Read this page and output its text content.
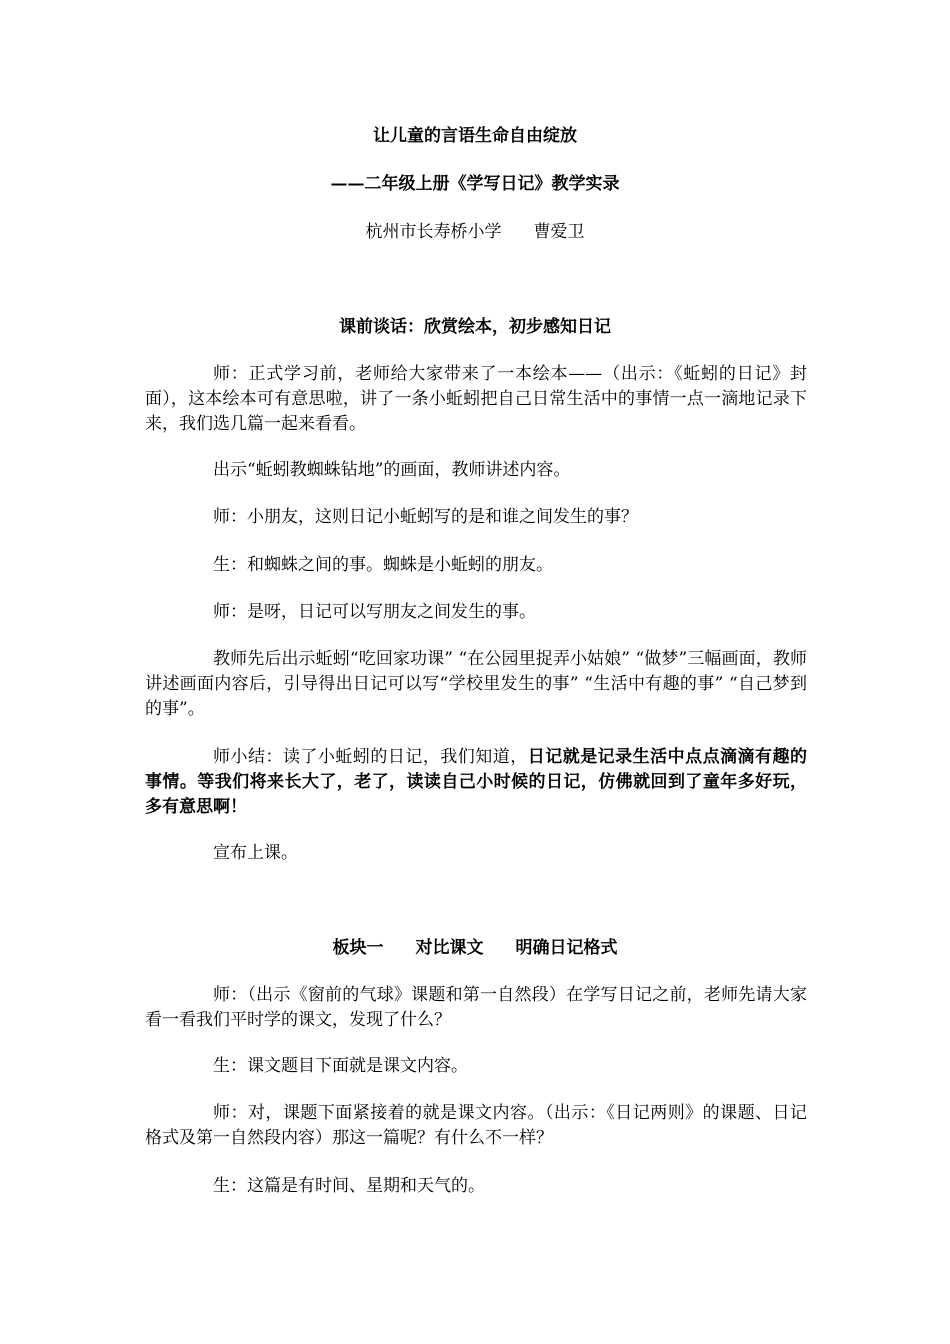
让儿童的言语生命自由绽放
——二年级上册《学写日记》教学实录
杭州市长寿桥小学 曹爱卫
课前谈话：欣赏绘本，初步感知日记

师：正式学习前，老师给大家带来了一本绘本——（出示：《蚯蚓的日记》封面），这本绘本可有意思啦，讲了一条小蚯蚓把自己日常生活中的事情一点一滴地记录下来，我们选几篇一起来看看。

出示“蚯蚓教蜘蛛钻地”的画面，教师讲述内容。

师：小朋友，这则日记小蚯蚓写的是和谁之间发生的事？

生：和蜘蛛之间的事。蜘蛛是小蚯蚓的朋友。

师：是呀，日记可以写朋友之间发生的事。

教师先后出示蚯蚓“吃回家功课” “在公园里捉弄小姑娘” “做梦”三幅画面，教师讲述画面内容后，引导得出日记可以写“学校里发生的事” “生活中有趣的事” “自己梦到的事”。

师小结：读了小蚯蚓的日记，我们知道，日记就是记录生活中点点滴滴有趣的事情。等我们将来长大了，老了，读读自己小时候的日记，仿佛就回到了童年多好玩，多有意思啊！

宣布上课。

板块一 对比课文 明确日记格式

师：（出示《窗前的气球》课题和第一自然段）在学写日记之前，老师先请大家看一看我们平时学的课文，发现了什么？

生：课文题目下面就是课文内容。

师：对，课题下面紧接着的就是课文内容。（出示：《日记两则》的课题、日记格式及第一自然段内容）那这一篇呢？有什么不一样？

生：这篇是有时间、星期和天气的。
